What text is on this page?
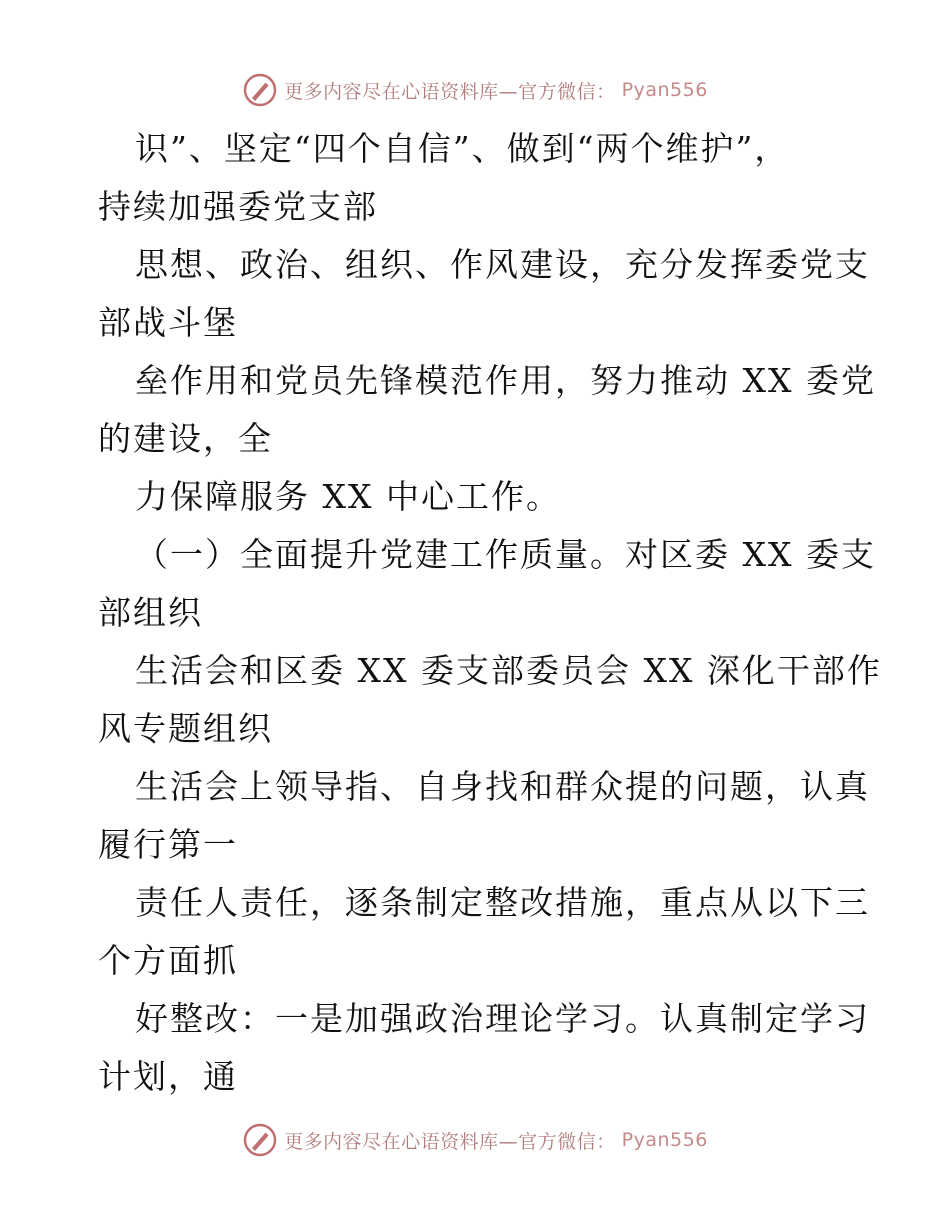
更多内容尽在心语资料库—官方微信： Pyan556
识”、坚定“四个自信”、做到“两个维护”，
持续加强委党支部
思想、政治、组织、作风建设，充分发挥委党支
部战斗堡
垒作用和党员先锋模范作用，努力推动 XX 委党
的建设，全
力保障服务 XX 中心工作。
（一）全面提升党建工作质量。对区委 XX 委支
部组织
生活会和区委 XX 委支部委员会 XX 深化干部作
风专题组织
生活会上领导指、自身找和群众提的问题，认真
履行第一
责任人责任，逐条制定整改措施，重点从以下三
个方面抓
好整改：一是加强政治理论学习。认真制定学习
计划，通
更多内容尽在心语资料库—官方微信： Pyan556
